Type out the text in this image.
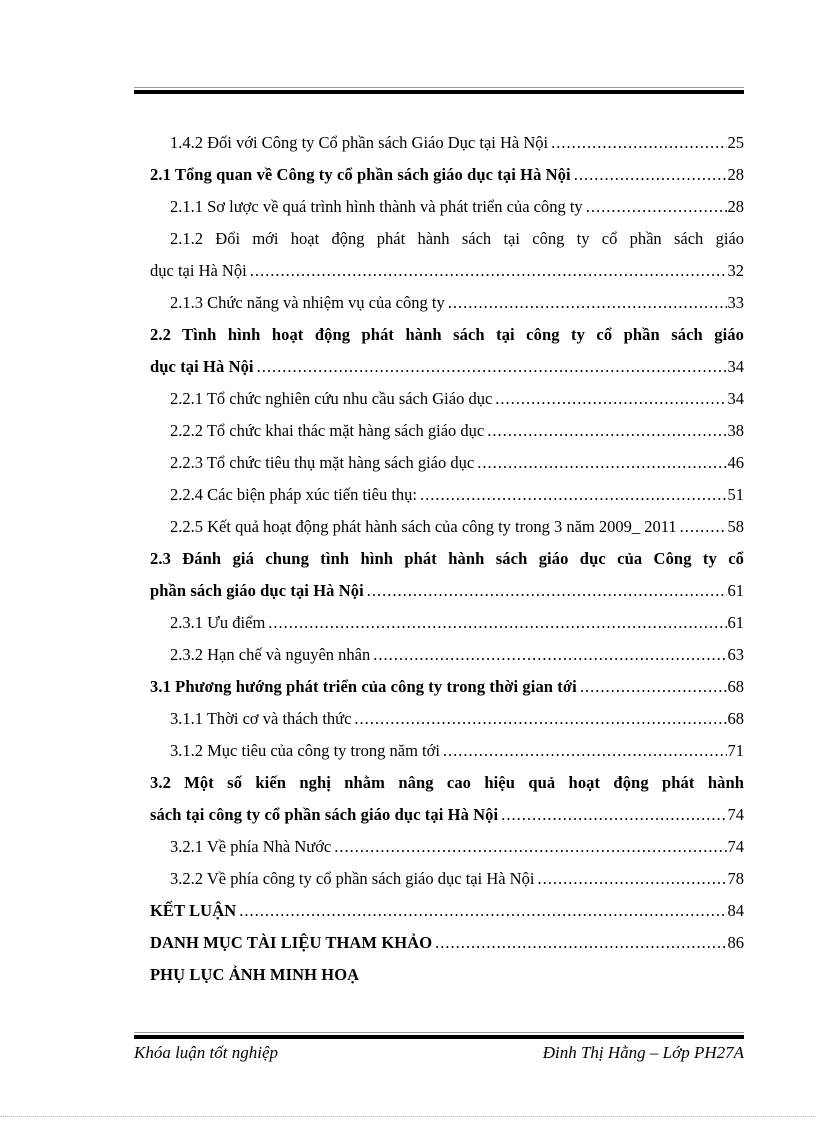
1.4.2 Đối với Công ty Cổ phần sách Giáo Dục tại Hà Nội .....	25
2.1 Tổng quan về Công ty cổ phần sách giáo dục tại Hà Nội .....	28
2.1.1 Sơ lược về quá trình hình thành và phát triển của công ty .....	28
2.1.2 Đổi mới hoạt động phát hành sách tại công ty cổ phần sách giáo
dục tại Hà Nội .....	32
2.1.3 Chức năng và nhiệm vụ của công ty .....	33
2.2 Tình hình hoạt động phát hành sách tại công ty cổ phần sách giáo
dục tại Hà Nội .....	34
2.2.1 Tổ chức nghiên cứu nhu cầu sách Giáo dục .....	34
2.2.2 Tổ chức khai thác mặt hàng sách giáo dục .....	38
2.2.3 Tổ chức tiêu thụ mặt hàng sách giáo dục .....	46
2.2.4 Các biện pháp xúc tiến tiêu thụ: .....	51
2.2.5 Kết quả hoạt động phát hành sách của công ty trong 3 năm 2009_ 2011 .....	58
2.3 Đánh giá chung tình hình phát hành sách giáo dục của Công ty cổ
phần sách giáo dục tại Hà Nội .....	61
2.3.1 Ưu điểm .....	61
2.3.2 Hạn chế và nguyên nhân .....	63
3.1 Phương hướng phát triển của công ty trong thời gian tới .....	68
3.1.1 Thời cơ và thách thức .....	68
3.1.2 Mục tiêu của công ty trong năm tới .....	71
3.2 Một số kiến nghị nhằm nâng cao hiệu quả hoạt động phát hành
sách tại công ty cổ phần sách giáo dục tại Hà Nội .....	74
3.2.1 Về phía Nhà Nước .....	74
3.2.2 Về phía công ty cổ phần sách giáo dục tại Hà Nội .....	78
KẾT LUẬN .....	84
DANH MỤC TÀI LIỆU THAM KHẢO .....	86
PHỤ LỤC ẢNH MINH HOẠ
Khóa luận tốt nghiệp	Đinh Thị Hằng – Lớp PH27A
